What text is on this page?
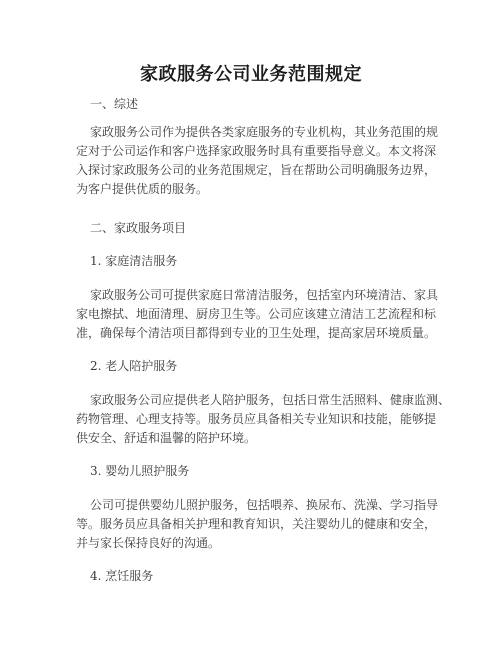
家政服务公司业务范围规定
一、综述
家政服务公司作为提供各类家庭服务的专业机构，其业务范围的规
定对于公司运作和客户选择家政服务时具有重要指导意义。本文将深
入探讨家政服务公司的业务范围规定，旨在帮助公司明确服务边界，
为客户提供优质的服务。
二、家政服务项目
1. 家庭清洁服务
家政服务公司可提供家庭日常清洁服务，包括室内环境清洁、家具
家电擦拭、地面清理、厨房卫生等。公司应该建立清洁工艺流程和标
准，确保每个清洁项目都得到专业的卫生处理，提高家居环境质量。
2. 老人陪护服务
家政服务公司应提供老人陪护服务，包括日常生活照料、健康监测、
药物管理、心理支持等。服务员应具备相关专业知识和技能，能够提
供安全、舒适和温馨的陪护环境。
3. 婴幼儿照护服务
公司可提供婴幼儿照护服务，包括喂养、换尿布、洗澡、学习指导
等。服务员应具备相关护理和教育知识，关注婴幼儿的健康和安全，
并与家长保持良好的沟通。
4. 烹饪服务
